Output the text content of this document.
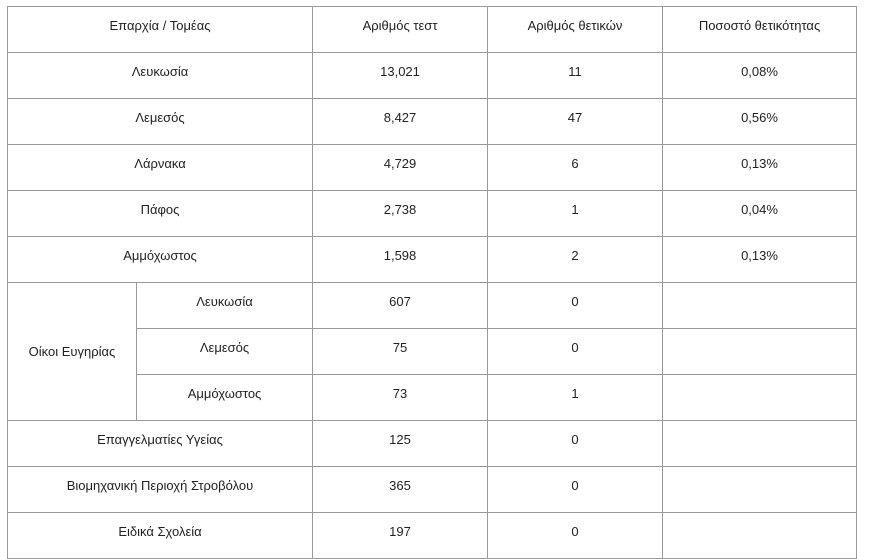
Επαρχία / Τομέας		Αριθμός τεστ	Αριθμός θετικών	Ποσοστό θετικότητας
Λευκωσία		13,021	11	0,08%
Λεμεσός		8,427	47	0,56%
Λάρνακα		4,729	6	0,13%
Πάφος		2,738	1	0,04%
Αμμόχωστος		1,598	2	0,13%
Οίκοι Ευγηρίας	Λευκωσία	607	0	
	Λεμεσός	75	0	
	Αμμόχωστος	73	1	
Επαγγελματίες Υγείας		125	0	
Βιομηχανική Περιοχή Στροβόλου		365	0	
Ειδικά Σχολεία		197	0	
